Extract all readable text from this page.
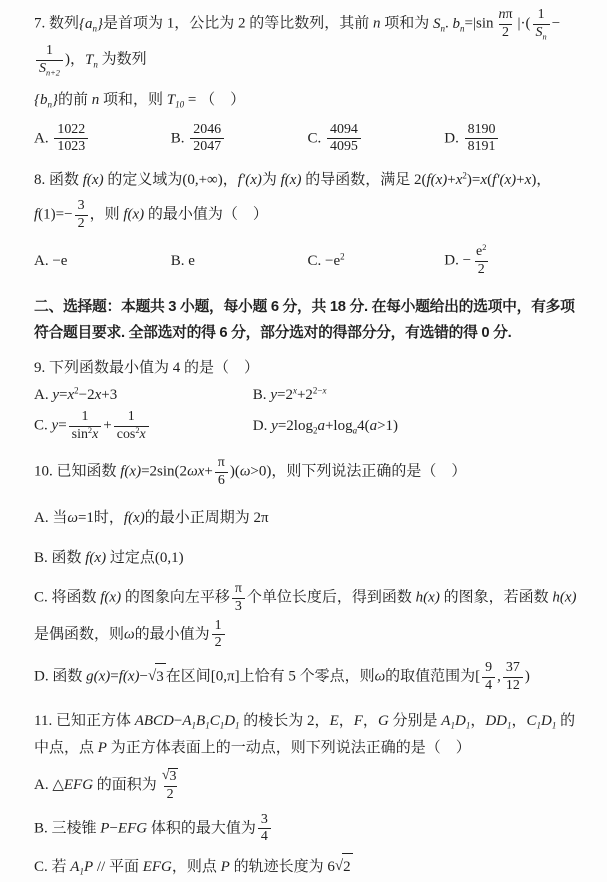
7. 数列$\{a_n\}$是首项为 1，公比为 2 的等比数列，其前 n 项和为 $S_n$. $b_n=|\sin \frac{n\pi}{2}$ |·( $\frac{1}{S_n}$ −
$\frac{1}{S_{n+2}}$ )，$T_n$ 为数列
$\{b_n\}$的前 n 项和，则 $T_{10}$ = （　）
A. $\frac{1022}{1023}$	B. $\frac{2046}{2047}$	C. $\frac{4094}{4095}$	D. $\frac{8190}{8191}$
8. 函数 f(x) 的定义域为(0,+∞)，f′(x)为 f(x) 的导函数，满足 $2(f(x)+x^2)=x(f'(x)+x)$，
$f(1)=- \frac{3}{2}$ ，则 f(x) 的最小值为（　）
A. −e	B. e	C. $-e^2$	D. − $\frac{e^2}{2}$
二、选择题：本题共 3 小题，每小题 6 分，共 18 分. 在每小题给出的选项中，有多项符合题目要求. 全部选对的得 6 分，部分选对的得部分分，有选错的得 0 分.
9. 下列函数最小值为 4 的是（　）
A. $y=x^2-2x+3$	B. $y=2^x+2^{2-x}$
C. $y= \frac{1}{\sin^2x} + \frac{1}{\cos^2x}$	D. $y=2\log_2a+\log_a4(a>1)$
10. 已知函数 $f(x)=2\sin(2\omega x+ \frac{\pi}{6} )(\omega>0)$，则下列说法正确的是（　）
A. 当ω=1时，f(x)的最小正周期为 2π
B. 函数 f(x) 过定点(0,1)
C. 将函数 f(x) 的图象向左平移 $\frac{\pi}{3}$ 个单位长度后，得到函数 h(x) 的图象，若函数 h(x) 是偶函数，则ω的最小值为 $\frac{1}{2}$
D. 函数 g(x)=f(x)−√3 在区间[0,π]上恰有 5 个零点，则ω的取值范围为[ $\frac{9}{4}$ , $\frac{37}{12}$ )
11. 已知正方体 $ABCD-A_1B_1C_1D_1$ 的棱长为 2，E，F，G 分别是 $A_1D_1$，$DD_1$，$C_1D_1$ 的中点，点 P 为正方体表面上的一动点，则下列说法正确的是（　）
A. △EFG 的面积为 $\frac{√3}{2}$
B. 三棱锥 P−EFG 体积的最大值为 $\frac{3}{4}$
C. 若 $A_1P$ // 平面 EFG，则点 P 的轨迹长度为 6√2
